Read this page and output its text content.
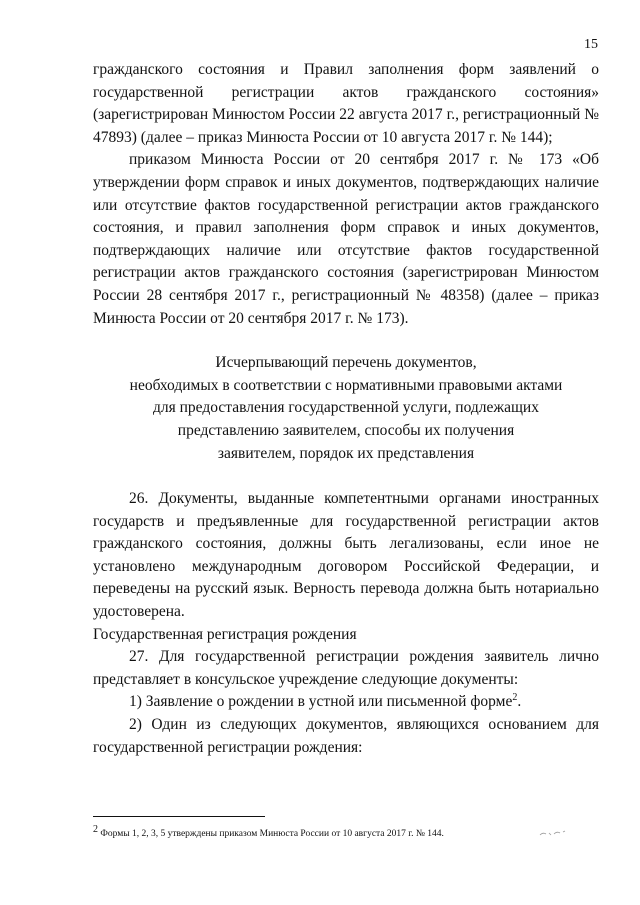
15

гражданского состояния и Правил заполнения форм заявлений о государственной регистрации актов гражданского состояния» (зарегистрирован Минюстом России 22 августа 2017 г., регистрационный № 47893) (далее – приказ Минюста России от 10 августа 2017 г. № 144);

приказом Минюста России от 20 сентября 2017 г. № 173 «Об утверждении форм справок и иных документов, подтверждающих наличие или отсутствие фактов государственной регистрации актов гражданского состояния, и правил заполнения форм справок и иных документов, подтверждающих наличие или отсутствие фактов государственной регистрации актов гражданского состояния (зарегистрирован Минюстом России 28 сентября 2017 г., регистрационный № 48358) (далее – приказ Минюста России от 20 сентября 2017 г. № 173).

Исчерпывающий перечень документов,
необходимых в соответствии с нормативными правовыми актами
для предоставления государственной услуги, подлежащих
представлению заявителем, способы их получения
заявителем, порядок их представления

26. Документы, выданные компетентными органами иностранных государств и предъявленные для государственной регистрации актов гражданского состояния, должны быть легализованы, если иное не установлено международным договором Российской Федерации, и переведены на русский язык. Верность перевода должна быть нотариально удостоверена.

Государственная регистрация рождения

27. Для государственной регистрации рождения заявитель лично представляет в консульское учреждение следующие документы:

1) Заявление о рождении в устной или письменной форме$^2$.

2) Один из следующих документов, являющихся основанием для государственной регистрации рождения:

$^2$ Формы 1, 2, 3, 5 утверждены приказом Минюста России от 10 августа 2017 г. № 144.
